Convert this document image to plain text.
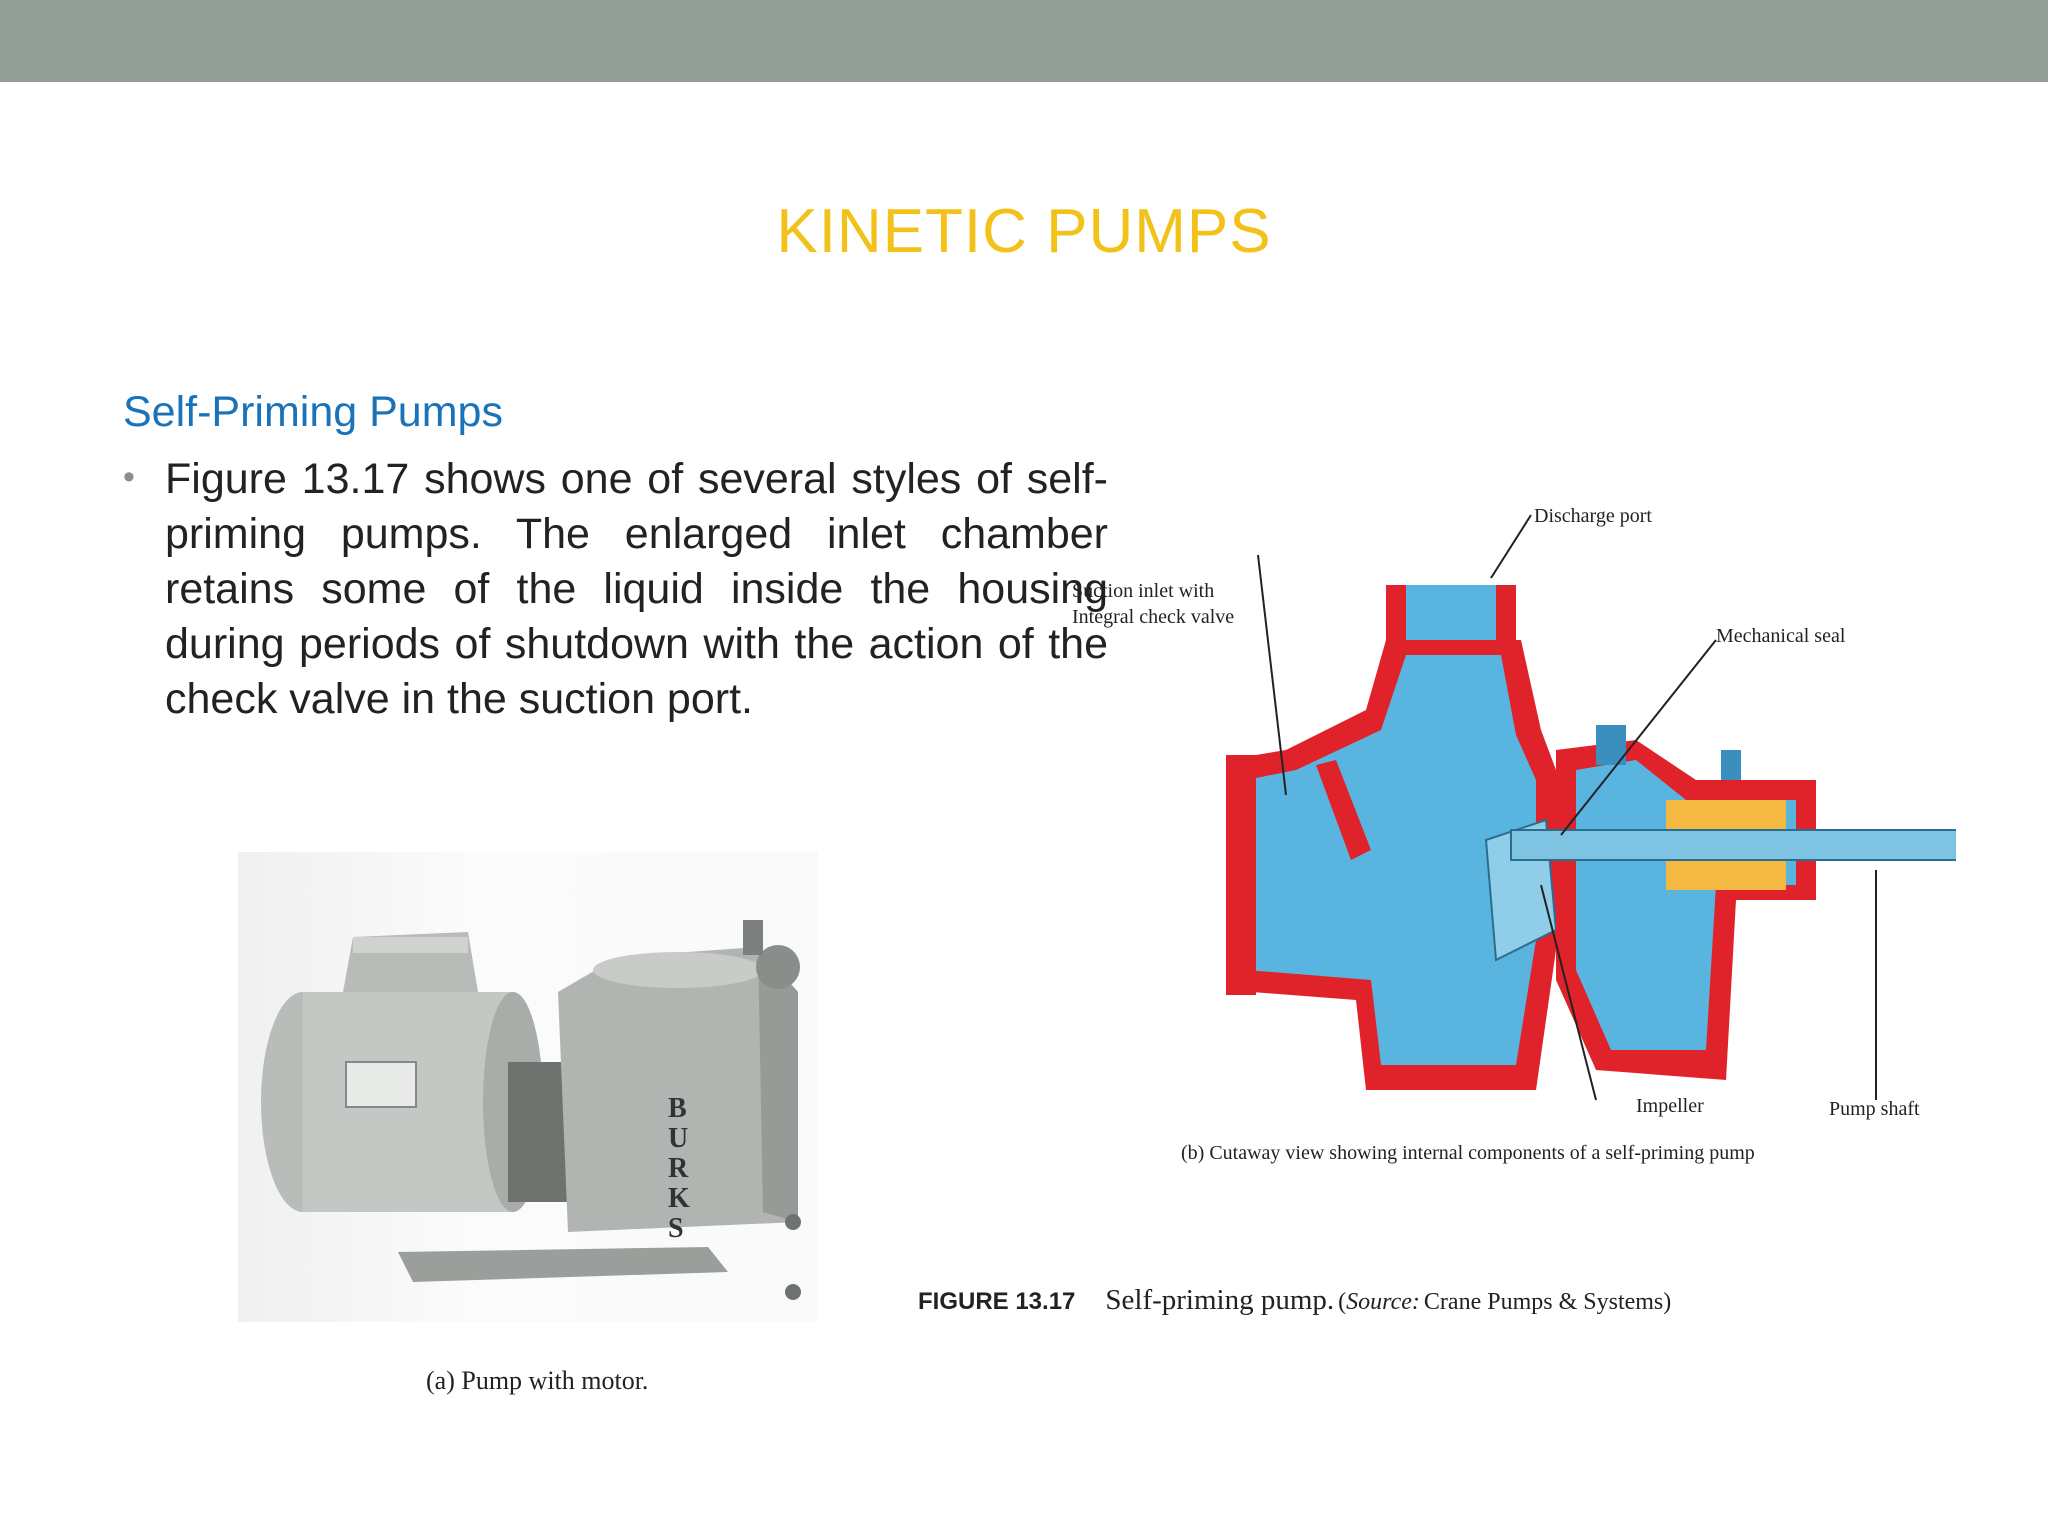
KINETIC PUMPS
Self-Priming Pumps
• Figure 13.17 shows one of several styles of self-priming pumps. The enlarged inlet chamber retains some of the liquid inside the housing during periods of shutdown with the action of the check valve in the suction port.
B U R K S
(a) Pump with motor.
Discharge port
Suction inlet with
Integral check valve
Mechanical seal
Impeller	Pump shaft
(b) Cutaway view showing internal components of a self-priming pump
FIGURE 13.17 Self-priming pump. (Source: Crane Pumps & Systems)
